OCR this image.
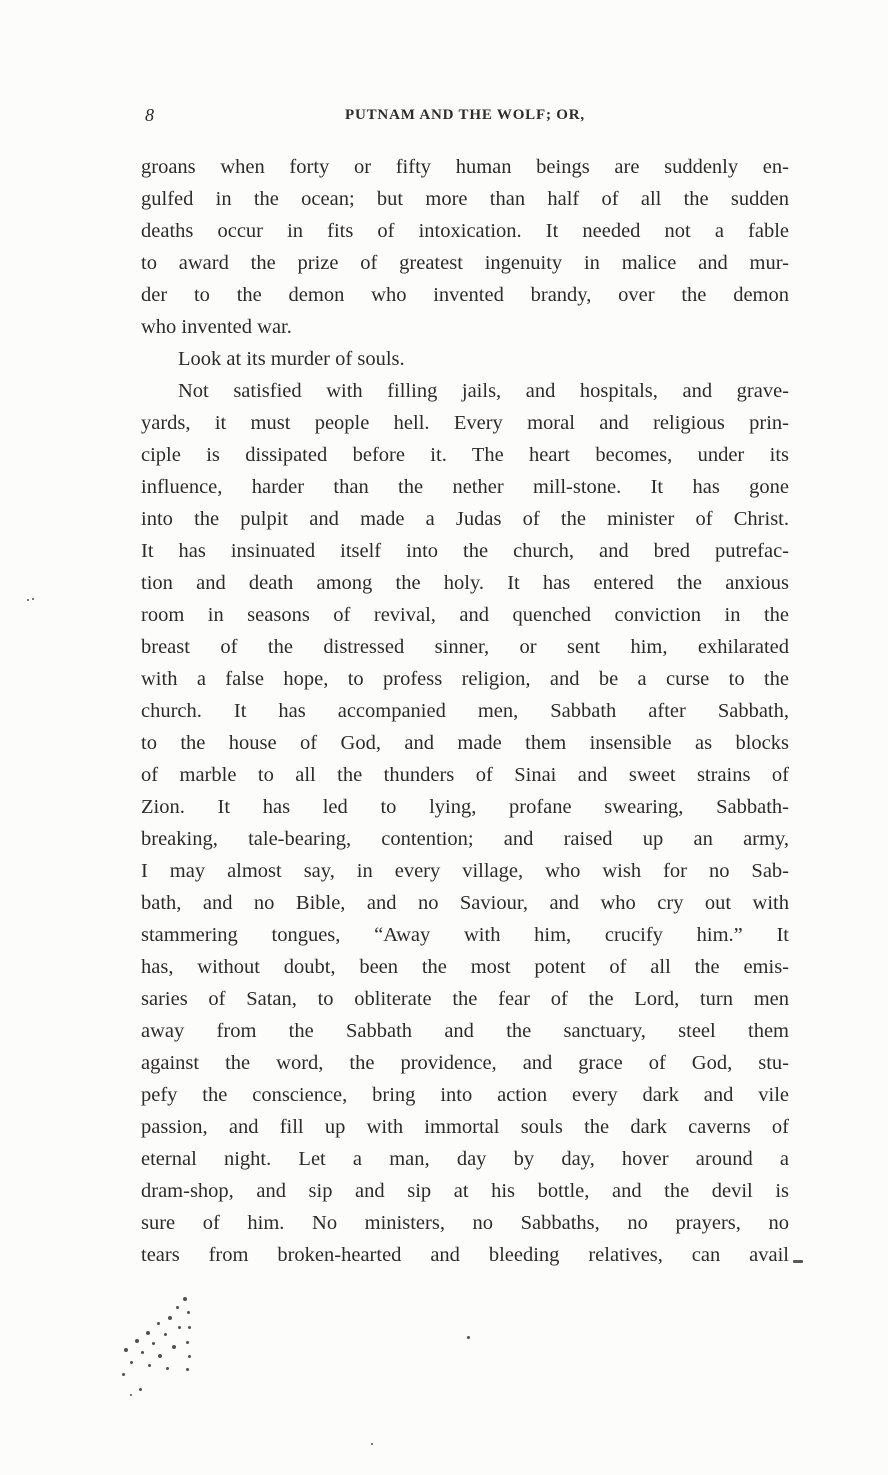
8	PUTNAM AND THE WOLF; OR,
groans when forty or fifty human beings are suddenly en-
gulfed in the ocean; but more than half of all the sudden
deaths occur in fits of intoxication. It needed not a fable
to award the prize of greatest ingenuity in malice and mur-
der to the demon who invented brandy, over the demon
who invented war.
Look at its murder of souls.
Not satisfied with filling jails, and hospitals, and grave-
yards, it must people hell. Every moral and religious prin-
ciple is dissipated before it. The heart becomes, under its
influence, harder than the nether mill-stone. It has gone
into the pulpit and made a Judas of the minister of Christ.
It has insinuated itself into the church, and bred putrefac-
tion and death among the holy. It has entered the anxious
room in seasons of revival, and quenched conviction in the
breast of the distressed sinner, or sent him, exhilarated
with a false hope, to profess religion, and be a curse to the
church. It has accompanied men, Sabbath after Sabbath,
to the house of God, and made them insensible as blocks
of marble to all the thunders of Sinai and sweet strains of
Zion. It has led to lying, profane swearing, Sabbath-
breaking, tale-bearing, contention; and raised up an army,
I may almost say, in every village, who wish for no Sab-
bath, and no Bible, and no Saviour, and who cry out with
stammering tongues, “Away with him, crucify him.” It
has, without doubt, been the most potent of all the emis-
saries of Satan, to obliterate the fear of the Lord, turn men
away from the Sabbath and the sanctuary, steel them
against the word, the providence, and grace of God, stu-
pefy the conscience, bring into action every dark and vile
passion, and fill up with immortal souls the dark caverns of
eternal night. Let a man, day by day, hover around a
dram-shop, and sip and sip at his bottle, and the devil is
sure of him. No ministers, no Sabbaths, no prayers, no
tears from broken-hearted and bleeding relatives, can avail
